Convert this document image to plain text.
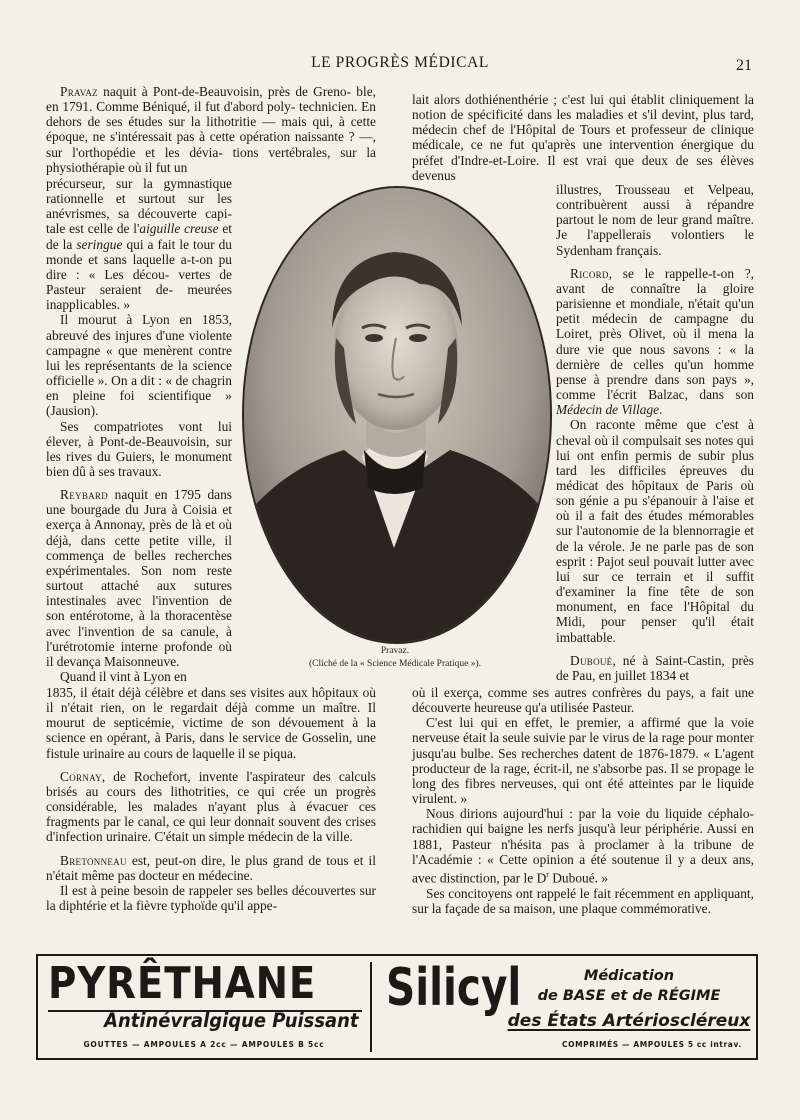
LE PROGRÈS MÉDICAL	21

Pravaz naquit à Pont-de-Beauvoisin, près de Greno- ble, en 1791. Comme Béniqué, il fut d'abord poly- technicien. En dehors de ses études sur la lithotritie — mais qui, à cette époque, ne s'intéressait pas à cette opération naissante ? —, sur l'orthopédie et les dévia- tions vertébrales, sur la physiothérapie où il fut un

précurseur, sur la gymnastique rationnelle et surtout sur les anévrismes, sa découverte capi- tale est celle de l'aiguille creuse et de la seringue qui a fait le tour du monde et sans laquelle a-t-on pu dire : « Les décou- vertes de Pasteur seraient de- meurées inapplicables. »

Il mourut à Lyon en 1853, abreuvé des injures d'une violente campagne « que menèrent contre lui les représentants de la science officielle ». On a dit : « de chagrin en pleine foi scientifique » (Jausion).

Ses compatriotes vont lui élever, à Pont-de-Beauvoisin, sur les rives du Guiers, le monument bien dû à ses travaux.

Reybard naquit en 1795 dans une bourgade du Jura à Coisia et exerça à Annonay, près de là et où déjà, dans cette petite ville, il commença de belles recherches expérimentales. Son nom reste surtout attaché aux sutures intestinales avec l'invention de son entérotome, à la thoracentèse avec l'invention de sa canule, à l'urétrotomie interne profonde où il devança Maisonneuve.

Quand il vint à Lyon en

1835, il était déjà célèbre et dans ses visites aux hôpitaux où il n'était rien, on le regardait déjà comme un maître. Il mourut de septicémie, victime de son dévouement à la science en opérant, à Paris, dans le service de Gosselin, une fistule urinaire au cours de laquelle il se piqua.

Cornay, de Rochefort, invente l'aspirateur des calculs brisés au cours des lithotrities, ce qui crée un progrès considérable, les malades n'ayant plus à évacuer ces fragments par le canal, ce qui leur donnait souvent des crises d'infection urinaire. C'était un simple médecin de la ville.

Bretonneau est, peut-on dire, le plus grand de tous et il n'était même pas docteur en médecine.

Il est à peine besoin de rappeler ses belles découvertes sur la diphtérie et la fièvre typhoïde qu'il appe-

lait alors dothiénenthérie ; c'est lui qui établit cliniquement la notion de spécificité dans les maladies et s'il devint, plus tard, médecin chef de l'Hôpital de Tours et professeur de clinique médicale, ce ne fut qu'après une intervention énergique du préfet d'Indre-et-Loire. Il est vrai que deux de ses élèves devenus

illustres, Trousseau et Velpeau, contribuèrent aussi à répandre partout le nom de leur grand maître. Je l'appellerais volontiers le Sydenham français.

Ricord, se le rappelle-t-on ?, avant de connaître la gloire parisienne et mondiale, n'était qu'un petit médecin de campagne du Loiret, près Olivet, où il mena la dure vie que nous savons : « la dernière de celles qu'un homme pense à prendre dans son pays », comme l'écrit Balzac, dans son Médecin de Village.

On raconte même que c'est à cheval où il compulsait ses notes qui lui ont enfin permis de subir plus tard les difficiles épreuves du médicat des hôpitaux de Paris où son génie a pu s'épanouir à l'aise et où il a fait des études mémorables sur l'autonomie de la blennorragie et de la vérole. Je ne parle pas de son esprit : Pajot seul pouvait lutter avec lui sur ce terrain et il suffit d'examiner la fine tête de son monument, en face l'Hôpital du Midi, pour penser qu'il était imbattable.

Duboué, né à Saint-Castin, près de Pau, en juillet 1834 et

où il exerça, comme ses autres confrères du pays, a fait une découverte heureuse qu'a utilisée Pasteur.

C'est lui qui en effet, le premier, a affirmé que la voie nerveuse était la seule suivie par le virus de la rage pour monter jusqu'au bulbe. Ses recherches datent de 1876-1879. « L'agent producteur de la rage, écrit-il, ne s'absorbe pas. Il se propage le long des fibres nerveuses, qui ont été atteintes par le liquide virulent. »

Nous dirions aujourd'hui : par la voie du liquide céphalo-rachidien qui baigne les nerfs jusqu'à leur périphérie. Aussi en 1881, Pasteur n'hésita pas à proclamer à la tribune de l'Académie : « Cette opinion a été soutenue il y a deux ans, avec distinction, par le $D^r$ Duboué. »

Ses concitoyens ont rappelé le fait récemment en appliquant, sur la façade de sa maison, une plaque commémorative.

Pravaz.
(Cliché de la « Science Médicale Pratique »).
PYRÊTHANE
Antinévralgique Puissant
GOUTTES — AMPOULES A 2cc — AMPOULES B 5cc
Silicyl	Médication
de BASE et de RÉGIME
des États Artérioscléreux
COMPRIMÉS — AMPOULES 5 cc intrav.
